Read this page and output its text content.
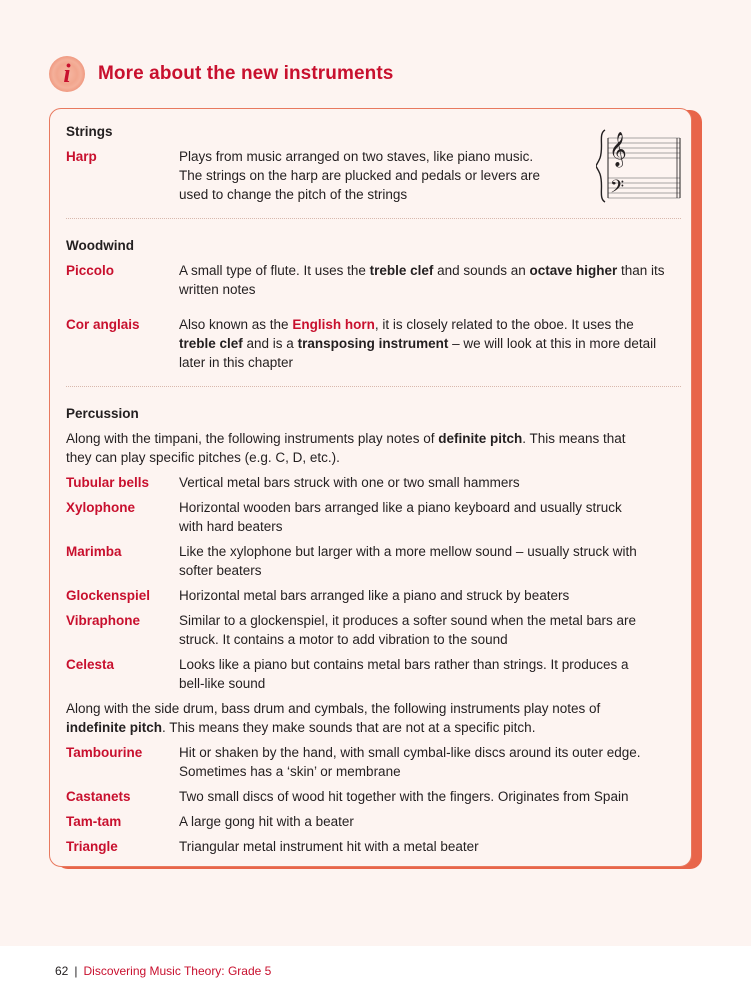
i More about the new instruments
𝄞
𝄢
Strings
Harp	Plays from music arranged on two staves, like piano music.
The strings on the harp are plucked and pedals or levers are
used to change the pitch of the strings
Woodwind
Piccolo	A small type of flute. It uses the treble clef and sounds an octave higher than its
written notes
Cor anglais	Also known as the English horn, it is closely related to the oboe. It uses the
treble clef and is a transposing instrument – we will look at this in more detail
later in this chapter
Percussion
Along with the timpani, the following instruments play notes of definite pitch. This means that
they can play specific pitches (e.g. C, D, etc.).
Tubular bells	Vertical metal bars struck with one or two small hammers
Xylophone	Horizontal wooden bars arranged like a piano keyboard and usually struck
with hard beaters
Marimba	Like the xylophone but larger with a more mellow sound – usually struck with
softer beaters
Glockenspiel	Horizontal metal bars arranged like a piano and struck by beaters
Vibraphone	Similar to a glockenspiel, it produces a softer sound when the metal bars are
struck. It contains a motor to add vibration to the sound
Celesta	Looks like a piano but contains metal bars rather than strings. It produces a
bell-like sound
Along with the side drum, bass drum and cymbals, the following instruments play notes of
indefinite pitch. This means they make sounds that are not at a specific pitch.
Tambourine	Hit or shaken by the hand, with small cymbal-like discs around its outer edge.
Sometimes has a ‘skin’ or membrane
Castanets	Two small discs of wood hit together with the fingers. Originates from Spain
Tam-tam	A large gong hit with a beater
Triangle	Triangular metal instrument hit with a metal beater
62 | Discovering Music Theory: Grade 5
